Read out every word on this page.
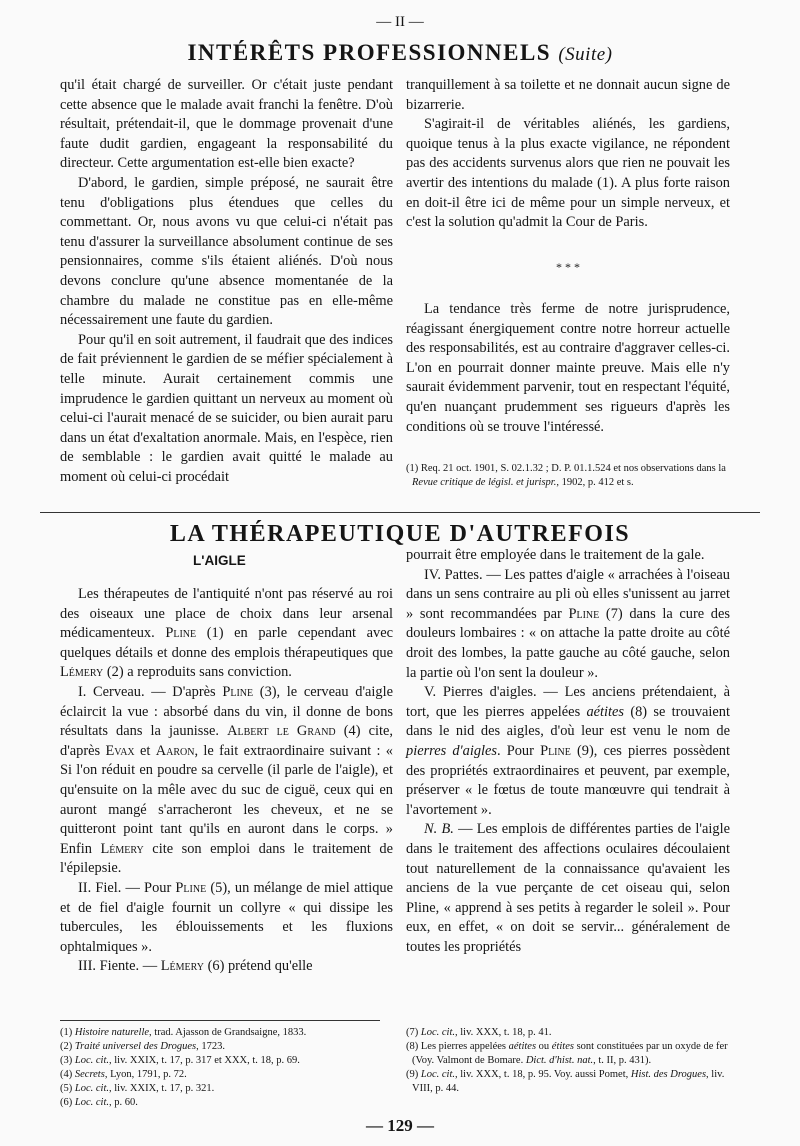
— II —
INTÉRÊTS PROFESSIONNELS (Suite)

qu'il était chargé de surveiller. Or c'était juste pendant cette absence que le malade avait franchi la fenêtre. D'où résultait, prétendait-il, que le dommage provenait d'une faute dudit gardien, engageant la responsabilité du directeur. Cette argumentation est-elle bien exacte?

D'abord, le gardien, simple préposé, ne saurait être tenu d'obligations plus étendues que celles du commettant. Or, nous avons vu que celui-ci n'était pas tenu d'assurer la surveillance absolument continue de ses pensionnaires, comme s'ils étaient aliénés. D'où nous devons conclure qu'une absence momentanée de la chambre du malade ne constitue pas en elle-même nécessairement une faute du gardien.

Pour qu'il en soit autrement, il faudrait que des indices de fait préviennent le gardien de se méfier spécialement à telle minute. Aurait certainement commis une imprudence le gardien quittant un nerveux au moment où celui-ci l'aurait menacé de se suicider, ou bien aurait paru dans un état d'exaltation anormale. Mais, en l'espèce, rien de semblable : le gardien avait quitté le malade au moment où celui-ci procédait

tranquillement à sa toilette et ne donnait aucun signe de bizarrerie.

S'agirait-il de véritables aliénés, les gardiens, quoique tenus à la plus exacte vigilance, ne répondent pas des accidents survenus alors que rien ne pouvait les avertir des intentions du malade (1). A plus forte raison en doit-il être ici de même pour un simple nerveux, et c'est la solution qu'admit la Cour de Paris.

* * *

La tendance très ferme de notre jurisprudence, réagissant énergiquement contre notre horreur actuelle des responsabilités, est au contraire d'aggraver celles-ci. L'on en pourrait donner mainte preuve. Mais elle n'y saurait évidemment parvenir, tout en respectant l'équité, qu'en nuançant prudemment ses rigueurs d'après les conditions où se trouve l'intéressé.

(1) Req. 21 oct. 1901, S. 02.1.32 ; D. P. 01.1.524 et nos observations dans la Revue critique de législ. et jurispr., 1902, p. 412 et s.

LA THÉRAPEUTIQUE D'AUTREFOIS
L'AIGLE

Les thérapeutes de l'antiquité n'ont pas réservé au roi des oiseaux une place de choix dans leur arsenal médicamenteux. Pline (1) en parle cependant avec quelques détails et donne des emplois thérapeutiques que Lémery (2) a reproduits sans conviction.

I. Cerveau. — D'après Pline (3), le cerveau d'aigle éclaircit la vue : absorbé dans du vin, il donne de bons résultats dans la jaunisse. Albert le Grand (4) cite, d'après Evax et Aaron, le fait extraordinaire suivant : « Si l'on réduit en poudre sa cervelle (il parle de l'aigle), et qu'ensuite on la mêle avec du suc de ciguë, ceux qui en auront mangé s'arracheront les cheveux, et ne se quitteront point tant qu'ils en auront dans le corps. » Enfin Lémery cite son emploi dans le traitement de l'épilepsie.

II. Fiel. — Pour Pline (5), un mélange de miel attique et de fiel d'aigle fournit un collyre « qui dissipe les tubercules, les éblouissements et les fluxions ophtalmiques ».

III. Fiente. — Lémery (6) prétend qu'elle

pourrait être employée dans le traitement de la gale.

IV. Pattes. — Les pattes d'aigle « arrachées à l'oiseau dans un sens contraire au pli où elles s'unissent au jarret » sont recommandées par Pline (7) dans la cure des douleurs lombaires : « on attache la patte droite au côté droit des lombes, la patte gauche au côté gauche, selon la partie où l'on sent la douleur ».

V. Pierres d'aigles. — Les anciens prétendaient, à tort, que les pierres appelées aétites (8) se trouvaient dans le nid des aigles, d'où leur est venu le nom de pierres d'aigles. Pour Pline (9), ces pierres possèdent des propriétés extraordinaires et peuvent, par exemple, préserver « le fœtus de toute manœuvre qui tendrait à l'avortement ».

N. B. — Les emplois de différentes parties de l'aigle dans le traitement des affections oculaires découlaient tout naturellement de la connaissance qu'avaient les anciens de la vue perçante de cet oiseau qui, selon Pline, « apprend à ses petits à regarder le soleil ». Pour eux, en effet, « on doit se servir... généralement de toutes les propriétés

(1) Histoire naturelle, trad. Ajasson de Grandsaigne, 1833.

(2) Traité universel des Drogues, 1723.

(3) Loc. cit., liv. XXIX, t. 17, p. 317 et XXX, t. 18, p. 69.

(4) Secrets, Lyon, 1791, p. 72.

(5) Loc. cit., liv. XXIX, t. 17, p. 321.

(6) Loc. cit., p. 60.

(7) Loc. cit., liv. XXX, t. 18, p. 41.

(8) Les pierres appelées aétites ou étites sont constituées par un oxyde de fer (Voy. Valmont de Bomare. Dict. d'hist. nat., t. II, p. 431).

(9) Loc. cit., liv. XXX, t. 18, p. 95. Voy. aussi Pomet, Hist. des Drogues, liv. VIII, p. 44.

— 129 —
